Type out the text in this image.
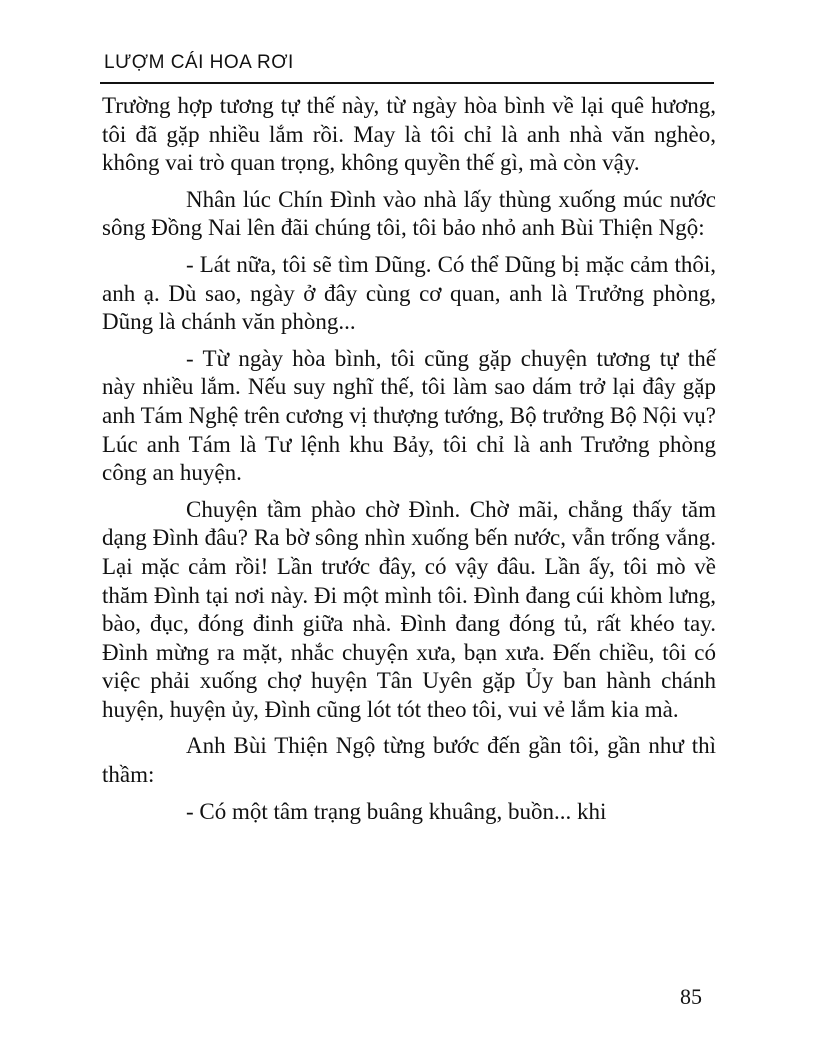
LƯỢM CÁI HOA RƠI

Trường hợp tương tự thế này, từ ngày hòa bình về lại quê hương, tôi đã gặp nhiều lắm rồi. May là tôi chỉ là anh nhà văn nghèo, không vai trò quan trọng, không quyền thế gì, mà còn vậy.

Nhân lúc Chín Đình vào nhà lấy thùng xuống múc nước sông Đồng Nai lên đãi chúng tôi, tôi bảo nhỏ anh Bùi Thiện Ngộ:

- Lát nữa, tôi sẽ tìm Dũng. Có thể Dũng bị mặc cảm thôi, anh ạ. Dù sao, ngày ở đây cùng cơ quan, anh là Trưởng phòng, Dũng là chánh văn phòng...

- Từ ngày hòa bình, tôi cũng gặp chuyện tương tự thế này nhiều lắm. Nếu suy nghĩ thế, tôi làm sao dám trở lại đây gặp anh Tám Nghệ trên cương vị thượng tướng, Bộ trưởng Bộ Nội vụ? Lúc anh Tám là Tư lệnh khu Bảy, tôi chỉ là anh Trưởng phòng công an huyện.

Chuyện tầm phào chờ Đình. Chờ mãi, chẳng thấy tăm dạng Đình đâu? Ra bờ sông nhìn xuống bến nước, vẫn trống vắng. Lại mặc cảm rồi! Lần trước đây, có vậy đâu. Lần ấy, tôi mò về thăm Đình tại nơi này. Đi một mình tôi. Đình đang cúi khòm lưng, bào, đục, đóng đinh giữa nhà. Đình đang đóng tủ, rất khéo tay. Đình mừng ra mặt, nhắc chuyện xưa, bạn xưa. Đến chiều, tôi có việc phải xuống chợ huyện Tân Uyên gặp Ủy ban hành chánh huyện, huyện ủy, Đình cũng lót tót theo tôi, vui vẻ lắm kia mà.

Anh Bùi Thiện Ngộ từng bước đến gần tôi, gần như thì thầm:

- Có một tâm trạng buâng khuâng, buồn... khi

85
